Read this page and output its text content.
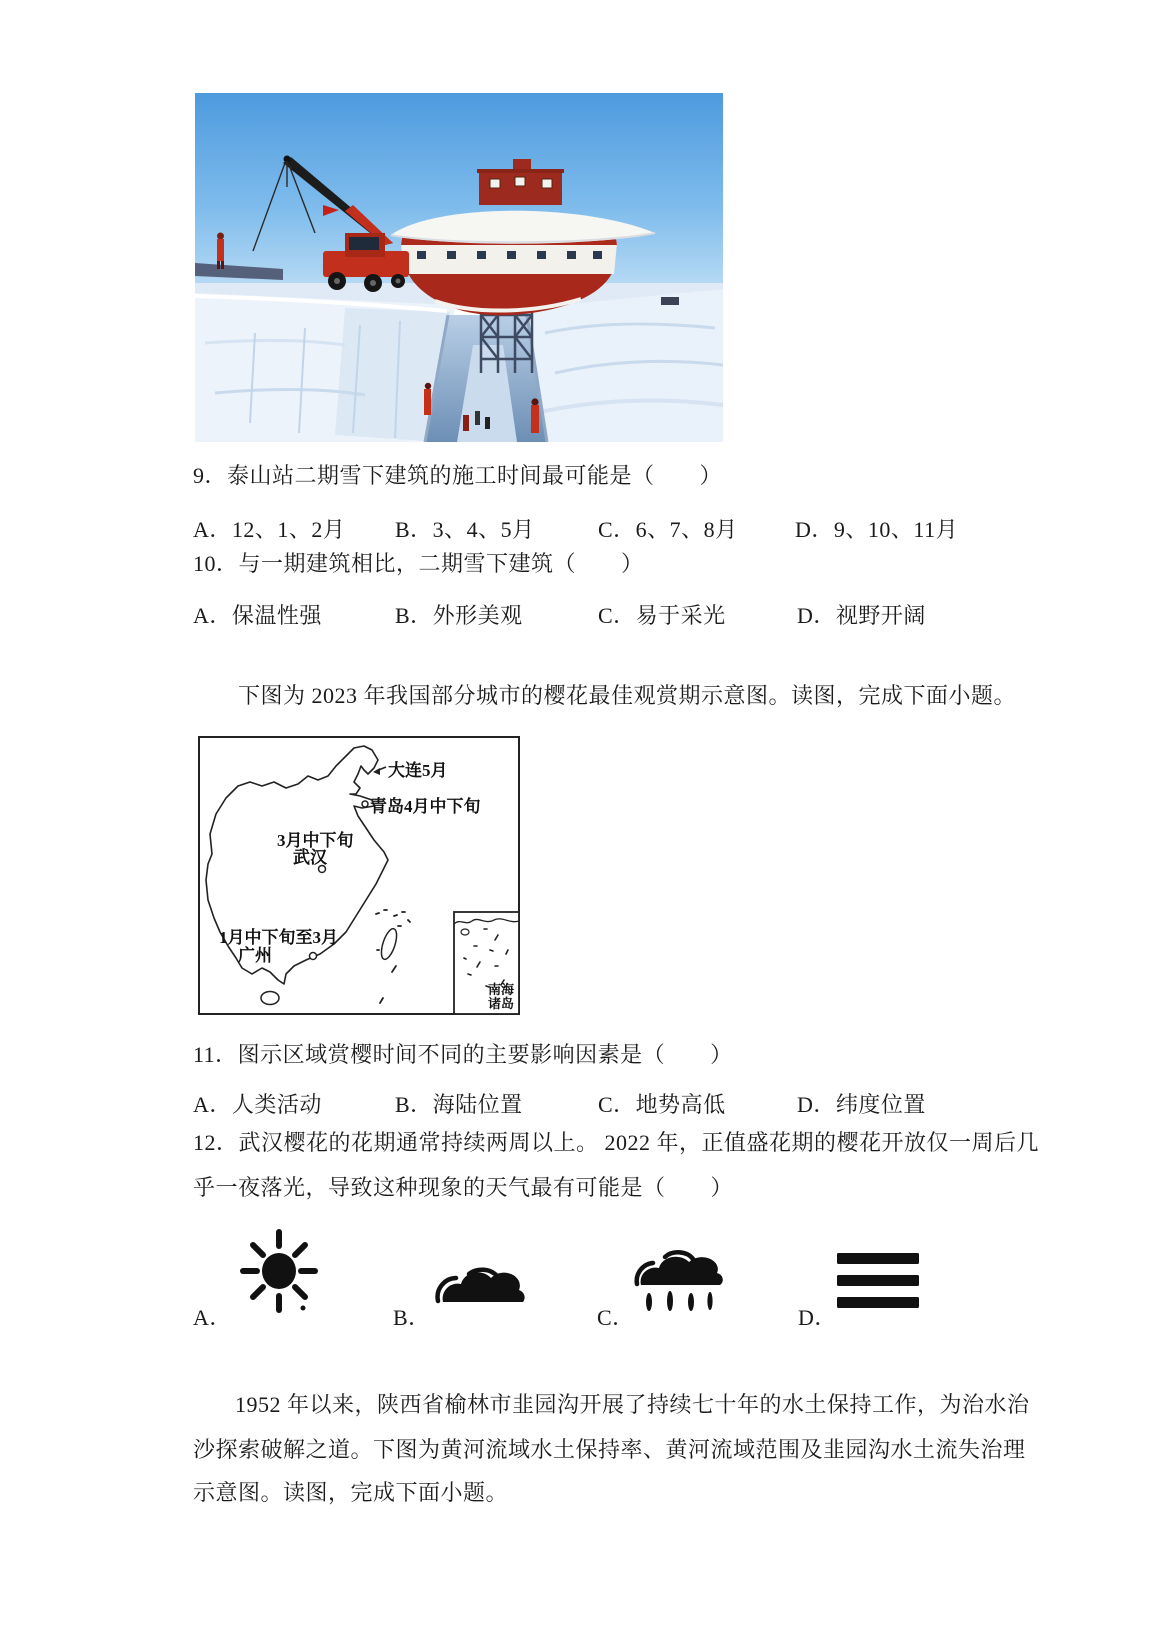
9．泰山站二期雪下建筑的施工时间最可能是（　　）
A．12、1、2月 B．3、4、5月	C．6、7、8月	D．9、10、11月
10．与一期建筑相比，二期雪下建筑（　　）
A．保温性强	B．外形美观	C．易于采光	D．视野开阔
下图为 2023 年我国部分城市的樱花最佳观赏期示意图。读图，完成下面小题。
大连5月
青岛4月中下旬
3月中下旬
武汉
1月中下旬至3月
广州
南海
诸岛
11．图示区域赏樱时间不同的主要影响因素是（　　）
A．人类活动	B．海陆位置	C．地势高低	D．纬度位置
12．武汉樱花的花期通常持续两周以上。 2022 年，正值盛花期的樱花开放仅一周后几
乎一夜落光，导致这种现象的天气最有可能是（　　）
A．	B．	C．	D．
1952 年以来，陕西省榆林市韭园沟开展了持续七十年的水土保持工作，为治水治
沙探索破解之道。下图为黄河流域水土保持率、黄河流域范围及韭园沟水土流失治理
示意图。读图，完成下面小题。
